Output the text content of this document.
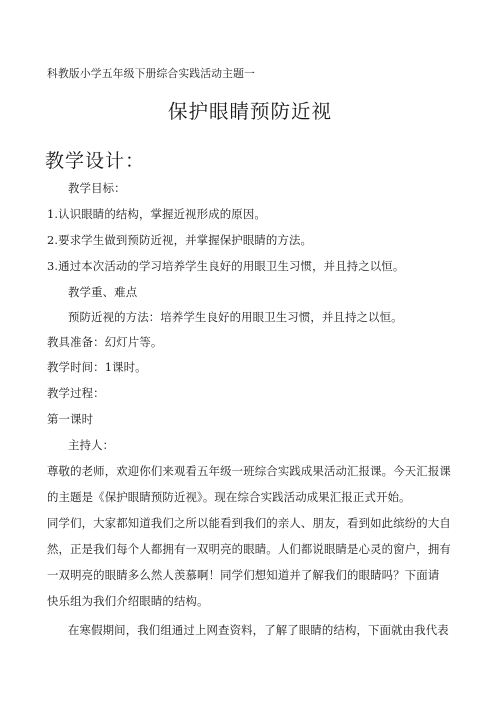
科教版小学五年级下册综合实践活动主题一
保护眼睛预防近视
教学设计：
教学目标：
1.认识眼睛的结构，掌握近视形成的原因。
2.要求学生做到预防近视，并掌握保护眼睛的方法。
3.通过本次活动的学习培养学生良好的用眼卫生习惯，并且持之以恒。
教学重、难点
预防近视的方法：培养学生良好的用眼卫生习惯，并且持之以恒。
教具准备：幻灯片等。
教学时间：1课时。
教学过程：
第一课时
主持人：
尊敬的老师，欢迎你们来观看五年级一班综合实践成果活动汇报课。今天汇报课
的主题是《保护眼睛预防近视》。现在综合实践活动成果汇报正式开始。
同学们，大家都知道我们之所以能看到我们的亲人、朋友，看到如此缤纷的大自
然，正是我们每个人都拥有一双明亮的眼睛。人们都说眼睛是心灵的窗户，拥有
一双明亮的眼睛多么然人羡慕啊！同学们想知道并了解我们的眼睛吗？下面请
快乐组为我们介绍眼睛的结构。
在寒假期间，我们组通过上网查资料，了解了眼睛的结构，下面就由我代表
